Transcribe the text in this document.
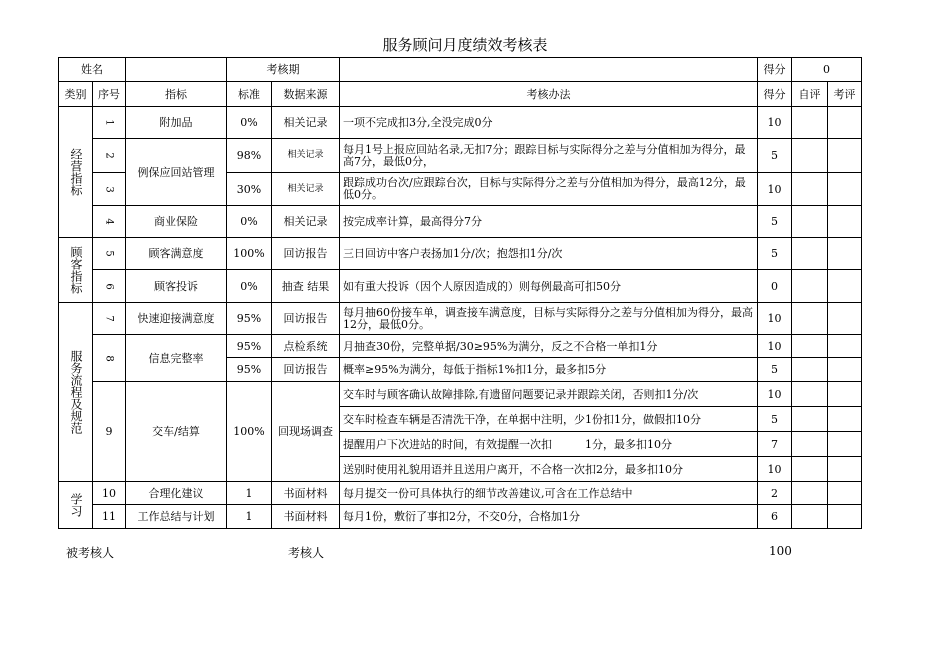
服务顾问月度绩效考核表
姓名			考核期			得分	0	
类别	序号	指标	标准	数据来源	考核办法	得分	自评	考评
经营指标	1	附加品	0%	相关记录	一项不完成扣3分,全没完成0分	10		
	2	例保应回站管理	98%	相关记录	每月1号上报应回站名录,无扣7分；跟踪目标与实际得分之差与分值相加为得分，最高7分，最低0分，	5		
	3		30%	相关记录	跟踪成功台次/应跟踪台次，目标与实际得分之差与分值相加为得分，最高12分，最低0分。	10		
	4	商业保险	0%	相关记录	按完成率计算，最高得分7分	5		
顾客指标	5	顾客满意度	100%	回访报告	三日回访中客户表扬加1分/次；抱怨扣1分/次	5		
	6	顾客投诉	0%	抽查 结果	如有重大投诉（因个人原因造成的）则每例最高可扣50分	0		
服务流程及规范	7	快速迎接满意度	95%	回访报告	每月抽60份接车单，调查接车满意度，目标与实际得分之差与分值相加为得分，最高12分，最低0分。	10		
	8	信息完整率	95%	点检系统	月抽查30份，完整单据/30≥95%为满分，反之不合格一单扣1分	10		
			95%	回访报告	概率≥95%为满分，每低于指标1%扣1分，最多扣5分	5		
	9	交车/结算	100%	回现场调查	交车时与顾客确认故障排除,有遗留问题要记录并跟踪关闭，否则扣1分/次	10		
					交车时检查车辆是否清洗干净，在单据中注明，少1份扣1分，做假扣10分	5		
					提醒用户下次进站的时间，有效提醒一次扣　　　1分，最多扣10分	7		
					送别时使用礼貌用语并且送用户离开，不合格一次扣2分，最多扣10分	10		
学习	10	合理化建议	1	书面材料	每月提交一份可具体执行的细节改善建议,可含在工作总结中	2		
	11	工作总结与计划	1	书面材料	每月1份，敷衍了事扣2分，不交0分，合格加1分	6		
被考核人	考核人	100
